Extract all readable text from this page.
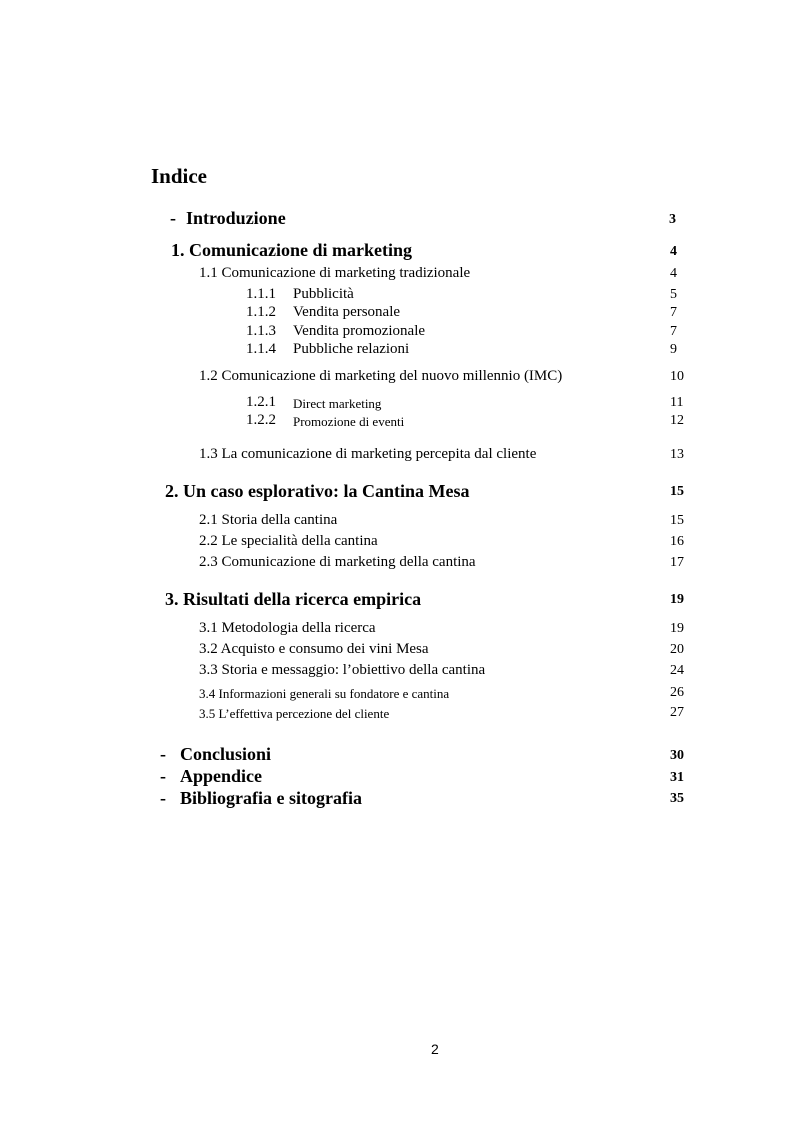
Indice
- Introduzione	3
1. Comunicazione di marketing	4
1.1 Comunicazione di marketing tradizionale	4
1.1.1 Pubblicità	5
1.1.2 Vendita personale	7
1.1.3 Vendita promozionale	7
1.1.4 Pubbliche relazioni	9
1.2 Comunicazione di marketing del nuovo millennio (IMC)	10
1.2.1 Direct marketing	11
1.2.2 Promozione di eventi	12
1.3 La comunicazione di marketing percepita dal cliente	13
2. Un caso esplorativo: la Cantina Mesa	15
2.1 Storia della cantina	15
2.2 Le specialità della cantina	16
2.3 Comunicazione di marketing della cantina	17
3. Risultati della ricerca empirica	19
3.1 Metodologia della ricerca	19
3.2 Acquisto e consumo dei vini Mesa	20
3.3 Storia e messaggio: l’obiettivo della cantina	24
3.4 Informazioni generali su fondatore e cantina	26
3.5 L’effettiva percezione del cliente	27
- Conclusioni	30
- Appendice	31
- Bibliografia e sitografia	35
2
